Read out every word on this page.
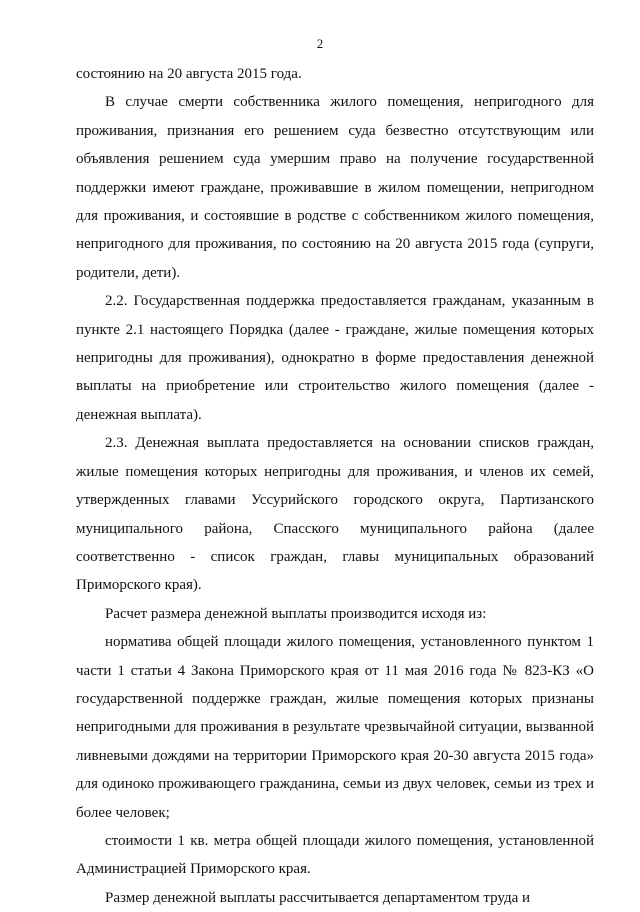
2

состоянию на 20 августа 2015 года.

В случае смерти собственника жилого помещения, непригодного для проживания, признания его решением суда безвестно отсутствующим или объявления решением суда умершим право на получение государственной поддержки имеют граждане, проживавшие в жилом помещении, непригодном для проживания, и состоявшие в родстве с собственником жилого помещения, непригодного для проживания, по состоянию на 20 августа 2015 года (супруги, родители, дети).

2.2. Государственная поддержка предоставляется гражданам, указанным в пункте 2.1 настоящего Порядка (далее - граждане, жилые помещения которых непригодны для проживания), однократно в форме предоставления денежной выплаты на приобретение или строительство жилого помещения (далее - денежная выплата).

2.3. Денежная выплата предоставляется на основании списков граждан, жилые помещения которых непригодны для проживания, и членов их семей, утвержденных главами Уссурийского городского округа, Партизанского муниципального района, Спасского муниципального района (далее соответственно - список граждан, главы муниципальных образований Приморского края).

Расчет размера денежной выплаты производится исходя из:

норматива общей площади жилого помещения, установленного пунктом 1 части 1 статьи 4 Закона Приморского края от 11 мая 2016 года № 823-КЗ «О государственной поддержке граждан, жилые помещения которых признаны непригодными для проживания в результате чрезвычайной ситуации, вызванной ливневыми дождями на территории Приморского края 20-30 августа 2015 года» для одиноко проживающего гражданина, семьи из двух человек, семьи из трех и более человек;

стоимости 1 кв. метра общей площади жилого помещения, установленной Администрацией Приморского края.

Размер денежной выплаты рассчитывается департаментом труда и
